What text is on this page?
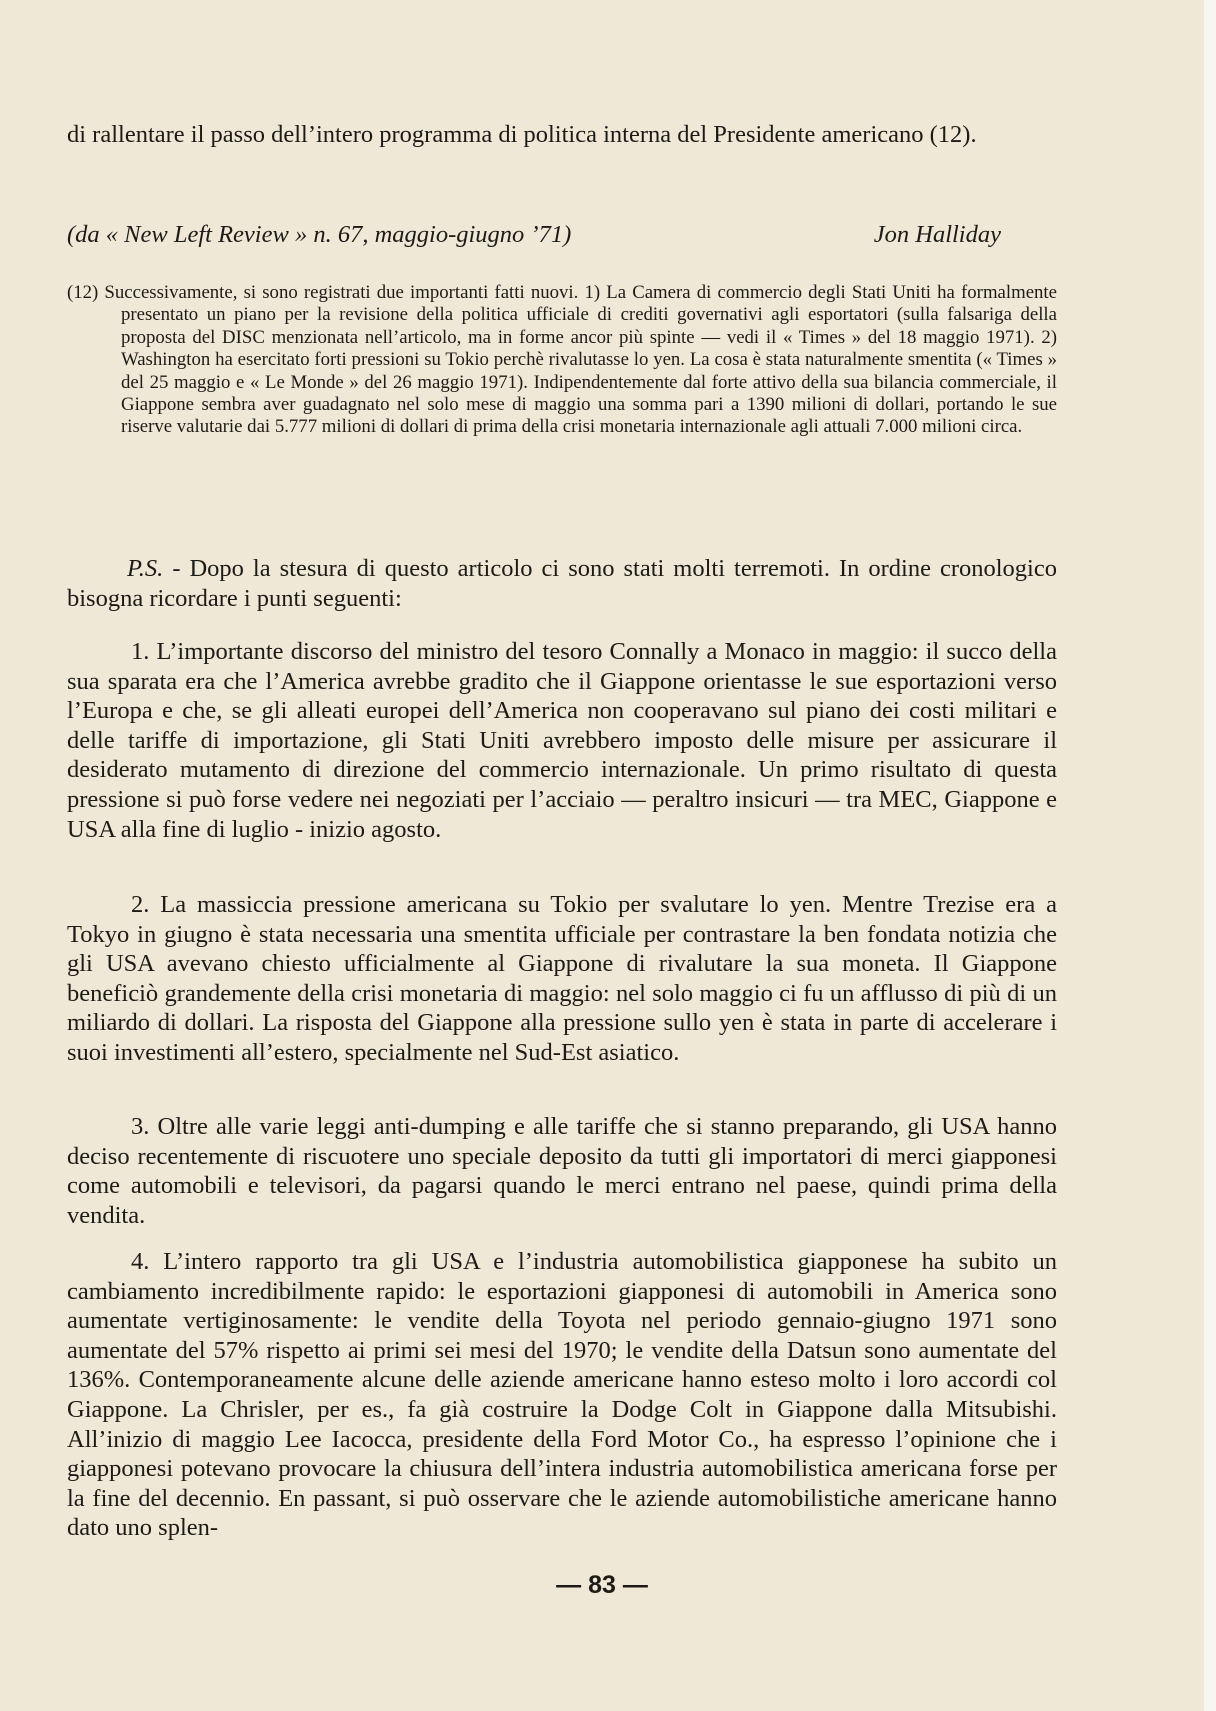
di rallentare il passo dell’intero programma di politica interna del Presidente americano (12).

(da « New Left Review » n. 67, maggio-giugno ’71)	Jon Halliday

(12) Successivamente, si sono registrati due importanti fatti nuovi. 1) La Camera di commercio degli Stati Uniti ha formalmente presentato un piano per la revisione della politica ufficiale di crediti governativi agli esportatori (sulla falsariga della proposta del DISC menzionata nell’articolo, ma in forme ancor più spinte — vedi il « Times » del 18 maggio 1971). 2) Washington ha esercitato forti pressioni su Tokio perchè rivalutasse lo yen. La cosa è stata naturalmente smentita (« Times » del 25 maggio e « Le Monde » del 26 maggio 1971). Indipendentemente dal forte attivo della sua bilancia commerciale, il Giappone sembra aver guadagnato nel solo mese di maggio una somma pari a 1390 milioni di dollari, portando le sue riserve valutarie dai 5.777 milioni di dollari di prima della crisi monetaria internazionale agli attuali 7.000 milioni circa.

P.S. - Dopo la stesura di questo articolo ci sono stati molti terremoti. In ordine cronologico bisogna ricordare i punti seguenti:

1. L’importante discorso del ministro del tesoro Connally a Monaco in maggio: il succo della sua sparata era che l’America avrebbe gradito che il Giappone orientasse le sue esportazioni verso l’Europa e che, se gli alleati europei dell’America non cooperavano sul piano dei costi militari e delle tariffe di importazione, gli Stati Uniti avrebbero imposto delle misure per assicurare il desiderato mutamento di direzione del commercio internazionale. Un primo risultato di questa pressione si può forse vedere nei negoziati per l’acciaio — peraltro insicuri — tra MEC, Giappone e USA alla fine di luglio - inizio agosto.

2. La massiccia pressione americana su Tokio per svalutare lo yen. Mentre Trezise era a Tokyo in giugno è stata necessaria una smentita ufficiale per contrastare la ben fondata notizia che gli USA avevano chiesto ufficialmente al Giappone di rivalutare la sua moneta. Il Giappone beneficiò grandemente della crisi monetaria di maggio: nel solo maggio ci fu un afflusso di più di un miliardo di dollari. La risposta del Giappone alla pressione sullo yen è stata in parte di accelerare i suoi investimenti all’estero, specialmente nel Sud-Est asiatico.

3. Oltre alle varie leggi anti-dumping e alle tariffe che si stanno preparando, gli USA hanno deciso recentemente di riscuotere uno speciale deposito da tutti gli importatori di merci giapponesi come automobili e televisori, da pagarsi quando le merci entrano nel paese, quindi prima della vendita.

4. L’intero rapporto tra gli USA e l’industria automobilistica giapponese ha subito un cambiamento incredibilmente rapido: le esportazioni giapponesi di automobili in America sono aumentate vertiginosamente: le vendite della Toyota nel periodo gennaio-giugno 1971 sono aumentate del 57% rispetto ai primi sei mesi del 1970; le vendite della Datsun sono aumentate del 136%. Contemporaneamente alcune delle aziende americane hanno esteso molto i loro accordi col Giappone. La Chrisler, per es., fa già costruire la Dodge Colt in Giappone dalla Mitsubishi. All’inizio di maggio Lee Iacocca, presidente della Ford Motor Co., ha espresso l’opinione che i giapponesi potevano provocare la chiusura dell’intera industria automobilistica americana forse per la fine del decennio. En passant, si può osservare che le aziende automobilistiche americane hanno dato uno splen-

— 83 —
